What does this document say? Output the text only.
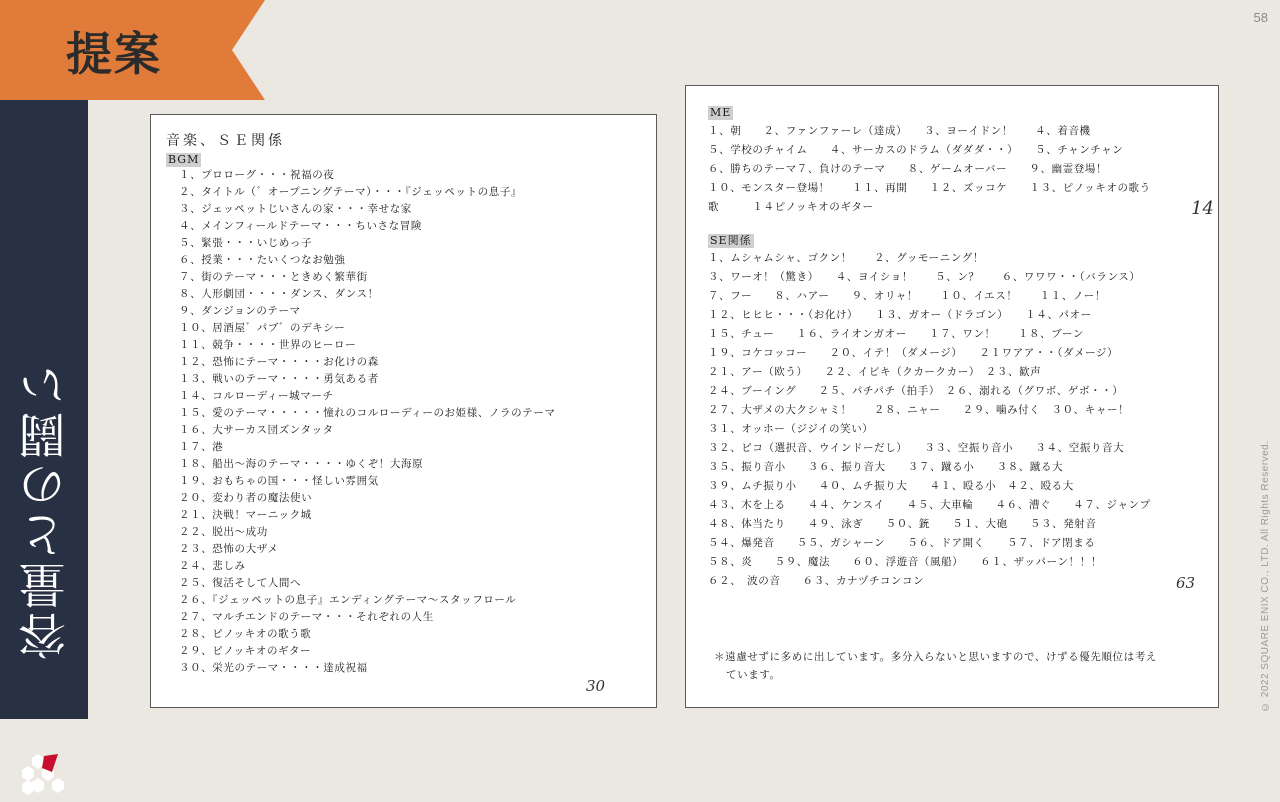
容量との闘い
提案
58
© 2022 SQUARE ENIX CO., LTD. All Rights Reserved.
音楽、ＳＥ関係
BGM
１、プロローグ・・・祝福の夜
２、タイトル（゛オープニングテーマ）・・・『ジェッペットの息子』
３、ジェッペットじいさんの家・・・幸せな家
４、メインフィールドテーマ・・・ちいさな冒険
５、緊張・・・いじめっ子
６、授業・・・たいくつなお勉強
７、街のテーマ・・・ときめく繁華街
８、人形劇団・・・・ダンス、ダンス！
９、ダンジョンのテーマ
１０、居酒屋゛パブ゛のデキシー
１１、競争・・・・世界のヒーロー
１２、恐怖にテーマ・・・・お化けの森
１３、戦いのテーマ・・・・勇気ある者
１４、コルローディー城マーチ
１５、愛のテーマ・・・・・憧れのコルローディーのお姫様、ノラのテーマ
１６、大サーカス団ズンタッタ
１７、港
１８、船出～海のテーマ・・・・ゆくぞ！大海原
１９、おもちゃの国・・・怪しい雰囲気
２０、変わり者の魔法使い
２１、決戦！マーニック城
２２、脱出～成功
２３、恐怖の大ザメ
２４、悲しみ
２５、復活そして人間へ
２６、『ジェッペットの息子』エンディングテーマ～スタッフロール
２７、マルチエンドのテーマ・・・それぞれの人生
２８、ピノッキオの歌う歌
２９、ピノッキオのギター
３０、栄光のテーマ・・・・達成祝福
30
ME
１、朝　　２、ファンファーレ（達成）　　３、ヨーイドン！　　４、着音機
５、学校のチャイム　　４、サーカスのドラム（ダダダ・・）　　５、チャンチャン
６、勝ちのテーマ７、負けのテーマ　　８、ゲームオーバー　　９、幽霊登場！
１０、モンスター登場！　　１１、再開　　１２、ズッコケ　　１３、ピノッキオの歌う
歌　　　１４ピノッキオのギター	14
SE関係
１、ムシャムシャ、ゴクン！　　２、グッモーニング！
３、ワーオ！（驚き）　　４、ヨイショ！　　５、ン？　　６、ワワワ・・（バランス）
７、フー　　８、ハアー　　９、オリャ！　　１０、イエス！　　１１、ノー！
１２、ヒヒヒ・・・（お化け）　　１３、ガオー（ドラゴン）　　１４、パオー
１５、チュー　　１６、ライオンガオー　　１７、ワン！　　１８、ブーン
１９、コケコッコー　　２０、イテ！（ダメージ）　　２１ワアア・・（ダメージ）
２１、アー（欧う）　　２２、イビキ（クカークカー）　２３、歓声
２４、ブーイング　　２５、パチパチ（拍手）　２６、溺れる（グワボ、ゲボ・・）
２７、大ザメの大クシャミ！　　２８、ニャー　　２９、噛み付く　３０、キャー！
３１、オッホー（ジジイの笑い）
３２、ピコ（選択音、ウインドーだし）　　３３、空振り音小　　３４、空振り音大
３５、振り音小　　３６、振り音大　　３７、蹴る小　　３８、蹴る大
３９、ムチ振り小　　４０、ムチ振り大　　４１、殴る小　４２、殴る大
４３、木を上る　　４４、ケンスイ　　４５、大車輪　　４６、漕ぐ　　４７、ジャンプ
４８、体当たり　　４９、泳ぎ　　５０、銃　　５１、大砲　　５３、発射音
５４、爆発音　　５５、ガシャーン　　５６、ドア開く　　５７、ドア閉まる
５８、炎　　５９、魔法　　６０、浮遊音（風船）　　６１、ザッパーン！！！
６２、　波の音　　６３、カナヅチコンコン	63
＊遠慮せずに多めに出しています。多分入らないと思いますので、けずる優先順位は考え
ています。
